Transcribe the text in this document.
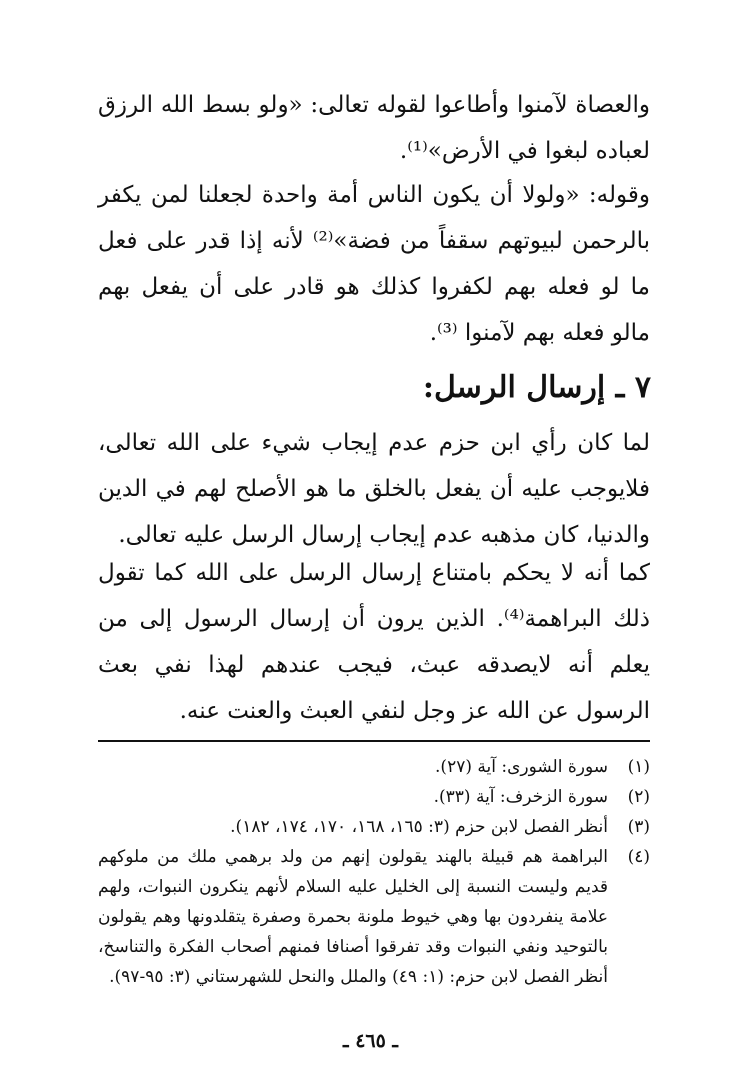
والعصاة لآمنوا وأطاعوا لقوله تعالى: «ولو بسط الله الرزق لعباده لبغوا في الأرض»⁽¹⁾.

وقوله: «ولولا أن يكون الناس أمة واحدة لجعلنا لمن يكفر بالرحمن لبيوتهم سقفاً من فضة»⁽²⁾ لأنه إذا قدر على فعل ما لو فعله بهم لكفروا كذلك هو قادر على أن يفعل بهم مالو فعله بهم لآمنوا ⁽³⁾.

٧ ـ إرسال الرسل:

لما كان رأي ابن حزم عدم إيجاب شيء على الله تعالى، فلايوجب عليه أن يفعل بالخلق ما هو الأصلح لهم في الدين والدنيا، كان مذهبه عدم إيجاب إرسال الرسل عليه تعالى.

كما أنه لا يحكم بامتناع إرسال الرسل على الله كما تقول ذلك البراهمة⁽⁴⁾. الذين يرون أن إرسال الرسول إلى من يعلم أنه لايصدقه عبث، فيجب عندهم لهذا نفي بعث الرسول عن الله عز وجل لنفي العبث والعنت عنه.

(١)
سورة الشورى: آية (٢٧).
(٢)
سورة الزخرف: آية (٣٣).
(٣)
أنظر الفصل لابن حزم (٣: ١٦٥، ١٦٨، ١٧٠، ١٧٤، ١٨٢).
(٤)
البراهمة هم قبيلة بالهند يقولون إنهم من ولد برهمي ملك من ملوكهم قديم وليست النسبة إلى الخليل عليه السلام لأنهم ينكرون النبوات، ولهم علامة ينفردون بها وهي خيوط ملونة بحمرة وصفرة يتقلدونها وهم يقولون بالتوحيد ونفي النبوات وقد تفرقوا أصنافا فمنهم أصحاب الفكرة والتناسخ، أنظر الفصل لابن حزم: (١: ٤٩) والملل والنحل للشهرستاني (٣: ٩٥-٩٧).
ـ ٤٦٥ ـ
